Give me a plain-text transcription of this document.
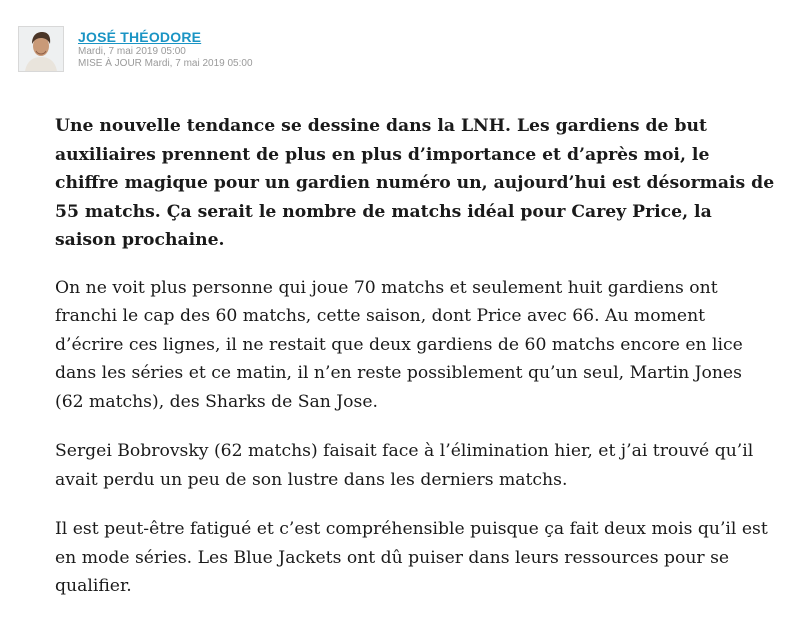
JOSÉ THÉODORE
Mardi, 7 mai 2019 05:00
MISE À JOUR Mardi, 7 mai 2019 05:00

Une nouvelle tendance se dessine dans la LNH. Les gardiens de but auxiliaires prennent de plus en plus d’importance et d’après moi, le chiffre magique pour un gardien numéro un, aujourd’hui est désormais de 55 matchs. Ça serait le nombre de matchs idéal pour Carey Price, la saison prochaine.

On ne voit plus personne qui joue 70 matchs et seulement huit gardiens ont franchi le cap des 60 matchs, cette saison, dont Price avec 66. Au moment d’écrire ces lignes, il ne restait que deux gardiens de 60 matchs encore en lice dans les séries et ce matin, il n’en reste possiblement qu’un seul, Martin Jones (62 matchs), des Sharks de San Jose.

Sergei Bobrovsky (62 matchs) faisait face à l’élimination hier, et j’ai trouvé qu’il avait perdu un peu de son lustre dans les derniers matchs.

Il est peut-être fatigué et c’est compréhensible puisque ça fait deux mois qu’il est en mode séries. Les Blue Jackets ont dû puiser dans leurs ressources pour se qualifier.
